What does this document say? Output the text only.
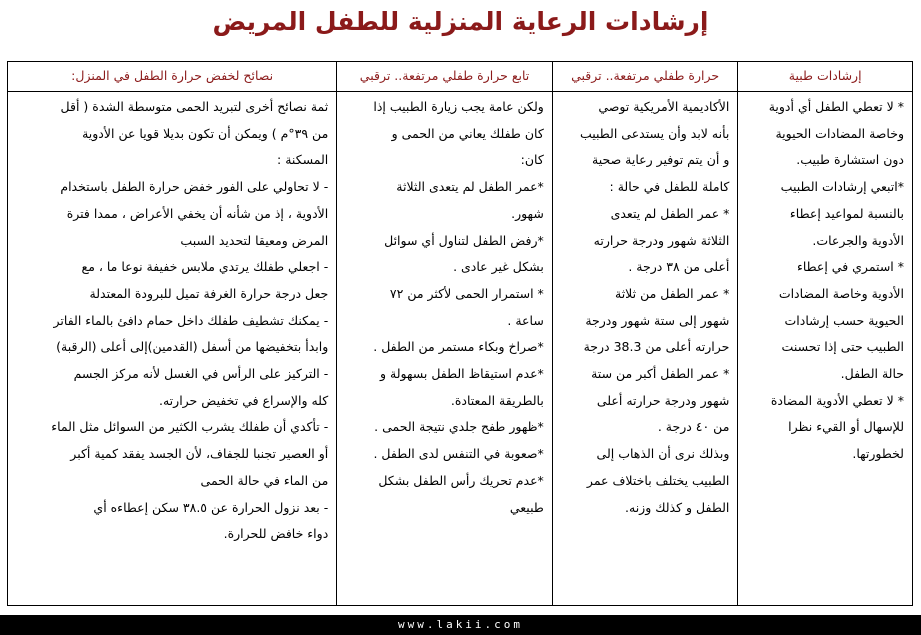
إرشادات الرعاية المنزلية للطفل المريض
إرشادات طبية

* لا تعطي الطفل أي أدوية

وخاصة المضادات الحيوية

دون استشارة طبيب.

*اتبعي إرشادات الطبيب

بالنسبة لمواعيد إعطاء

الأدوية والجرعات.

* استمري في إعطاء

الأدوية وخاصة المضادات

الحيوية حسب إرشادات

الطبيب حتى إذا تحسنت

حالة الطفل.

* لا تعطي الأدوية المضادة

للإسهال أو القيء نظرا

لخطورتها.

حرارة طفلي مرتفعة.. ترقبي

الأكاديمية الأمريكية توصي

بأنه لابد وأن يستدعى الطبيب

و أن يتم توفير رعاية صحية

كاملة للطفل في حالة :

* عمر الطفل لم يتعدى

الثلاثة شهور ودرجة حرارته

أعلى من ٣٨ درجة .

* عمر الطفل من ثلاثة

شهور إلى ستة شهور ودرجة

حرارته أعلى من 38.3 درجة

* عمر الطفل أكبر من ستة

شهور ودرجة حرارته أعلى

من ٤٠ درجة .

وبذلك نرى أن الذهاب إلى

الطبيب يختلف باختلاف عمر

الطفل و كذلك وزنه.

تابع حرارة طفلي مرتفعة.. ترقبي

ولكن عامة يجب زيارة الطبيب إذا

كان طفلك يعاني من الحمى و

كان:

*عمر الطفل لم يتعدى الثلاثة

شهور.

*رفض الطفل لتناول أي سوائل

بشكل غير عادى .

* استمرار الحمى لأكثر من ٧٢

ساعة .

*صراخ وبكاء مستمر من الطفل .

*عدم استيقاظ الطفل بسهولة و

بالطريقة المعتادة.

*ظهور طفح جلدي نتيجة الحمى .

*صعوبة في التنفس لدى الطفل .

*عدم تحريك رأس الطفل بشكل

طبيعي

نصائح لخفض حرارة الطفل في المنزل:

ثمة نصائح أخرى لتبريد الحمى متوسطة الشدة ( أقل

من ٣٩°م ) ويمكن أن تكون بديلا قويا عن الأدوية

المسكنة :

- لا تحاولي على الفور خفض حرارة الطفل باستخدام

الأدوية ، إذ من شأنه أن يخفي الأعراض ، ممدا فترة

المرض ومعيقا لتحديد السبب

- اجعلي طفلك يرتدي ملابس خفيفة نوعا ما ، مع

جعل درجة حرارة الغرفة تميل للبرودة المعتدلة

- يمكنك تشطيف طفلك داخل حمام دافئ بالماء الفاتر

وابدأ بتخفيضها من أسفل (القدمين)إلى أعلى (الرقبة)

- التركيز على الرأس في الغسل لأنه مركز الجسم

كله والإسراع في تخفيض حرارته.

- تأكدي أن طفلك يشرب الكثير من السوائل مثل الماء

أو العصير تجنبا للجفاف، لأن الجسد يفقد كمية أكبر

من الماء في حالة الحمى

- بعد نزول الحرارة عن ٣٨.٥ سكن إعطاءه أي

دواء خافض للحرارة.

www.lakii.com
